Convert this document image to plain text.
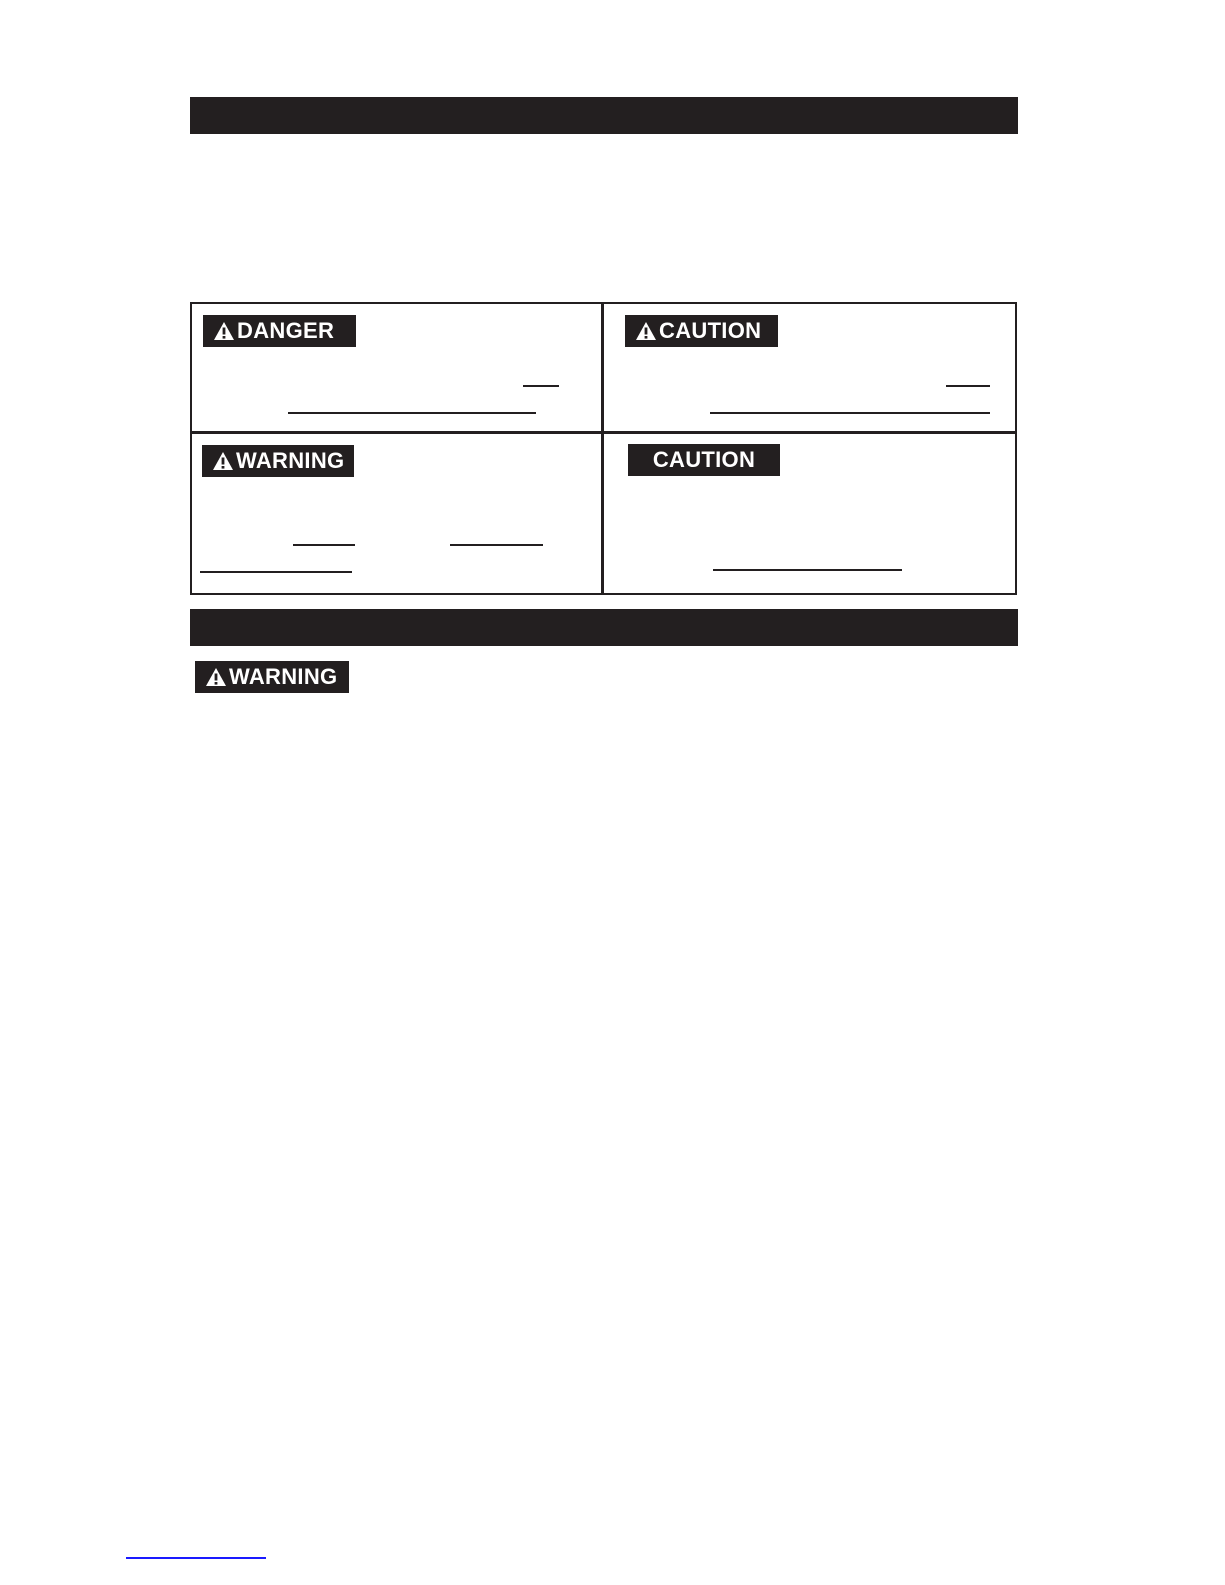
DANGER	CAUTION
WARNING	CAUTION
WARNING
